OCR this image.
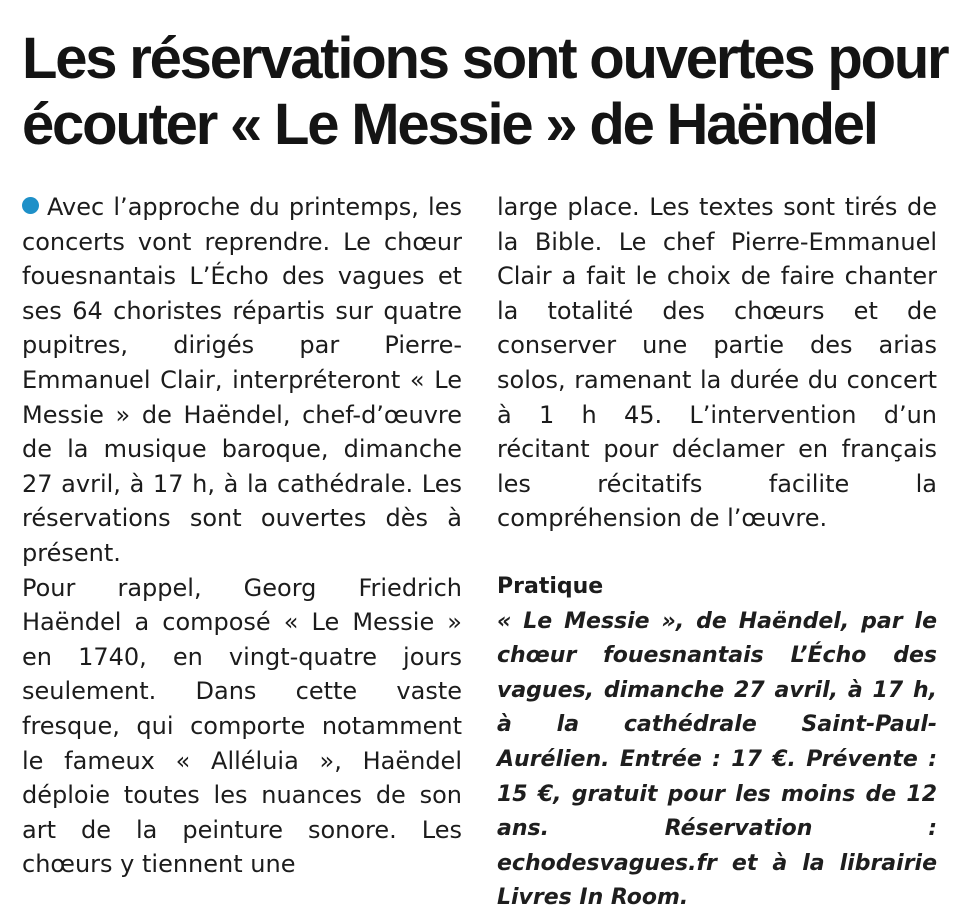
Les réservations sont ouvertes pour
écouter « Le Messie » de Haëndel

Avec l’approche du printemps, les concerts vont reprendre. Le chœur fouesnantais L’Écho des vagues et ses 64 choristes répartis sur quatre pupitres, dirigés par Pierre-Emmanuel Clair, interpréteront « Le Messie » de Haëndel, chef-d’œuvre de la musique baroque, dimanche 27 avril, à 17 h, à la cathédrale. Les réservations sont ouvertes dès à présent.

Pour rappel, Georg Friedrich Haëndel a composé « Le Messie » en 1740, en vingt-quatre jours seulement. Dans cette vaste fresque, qui comporte notamment le fameux « Alléluia », Haëndel déploie toutes les nuances de son art de la peinture sonore. Les chœurs y tiennent une

large place. Les textes sont tirés de la Bible. Le chef Pierre-Emmanuel Clair a fait le choix de faire chanter la totalité des chœurs et de conserver une partie des arias solos, ramenant la durée du concert à 1 h 45. L’intervention d’un récitant pour déclamer en français les récitatifs facilite la compréhension de l’œuvre.

Pratique

« Le Messie », de Haëndel, par le chœur fouesnantais L’Écho des vagues, dimanche 27 avril, à 17 h, à la cathédrale Saint-Paul-Aurélien. Entrée : 17 €. Prévente : 15 €, gratuit pour les moins de 12 ans. Réservation : echodesvagues.fr et à la librairie Livres In Room.
